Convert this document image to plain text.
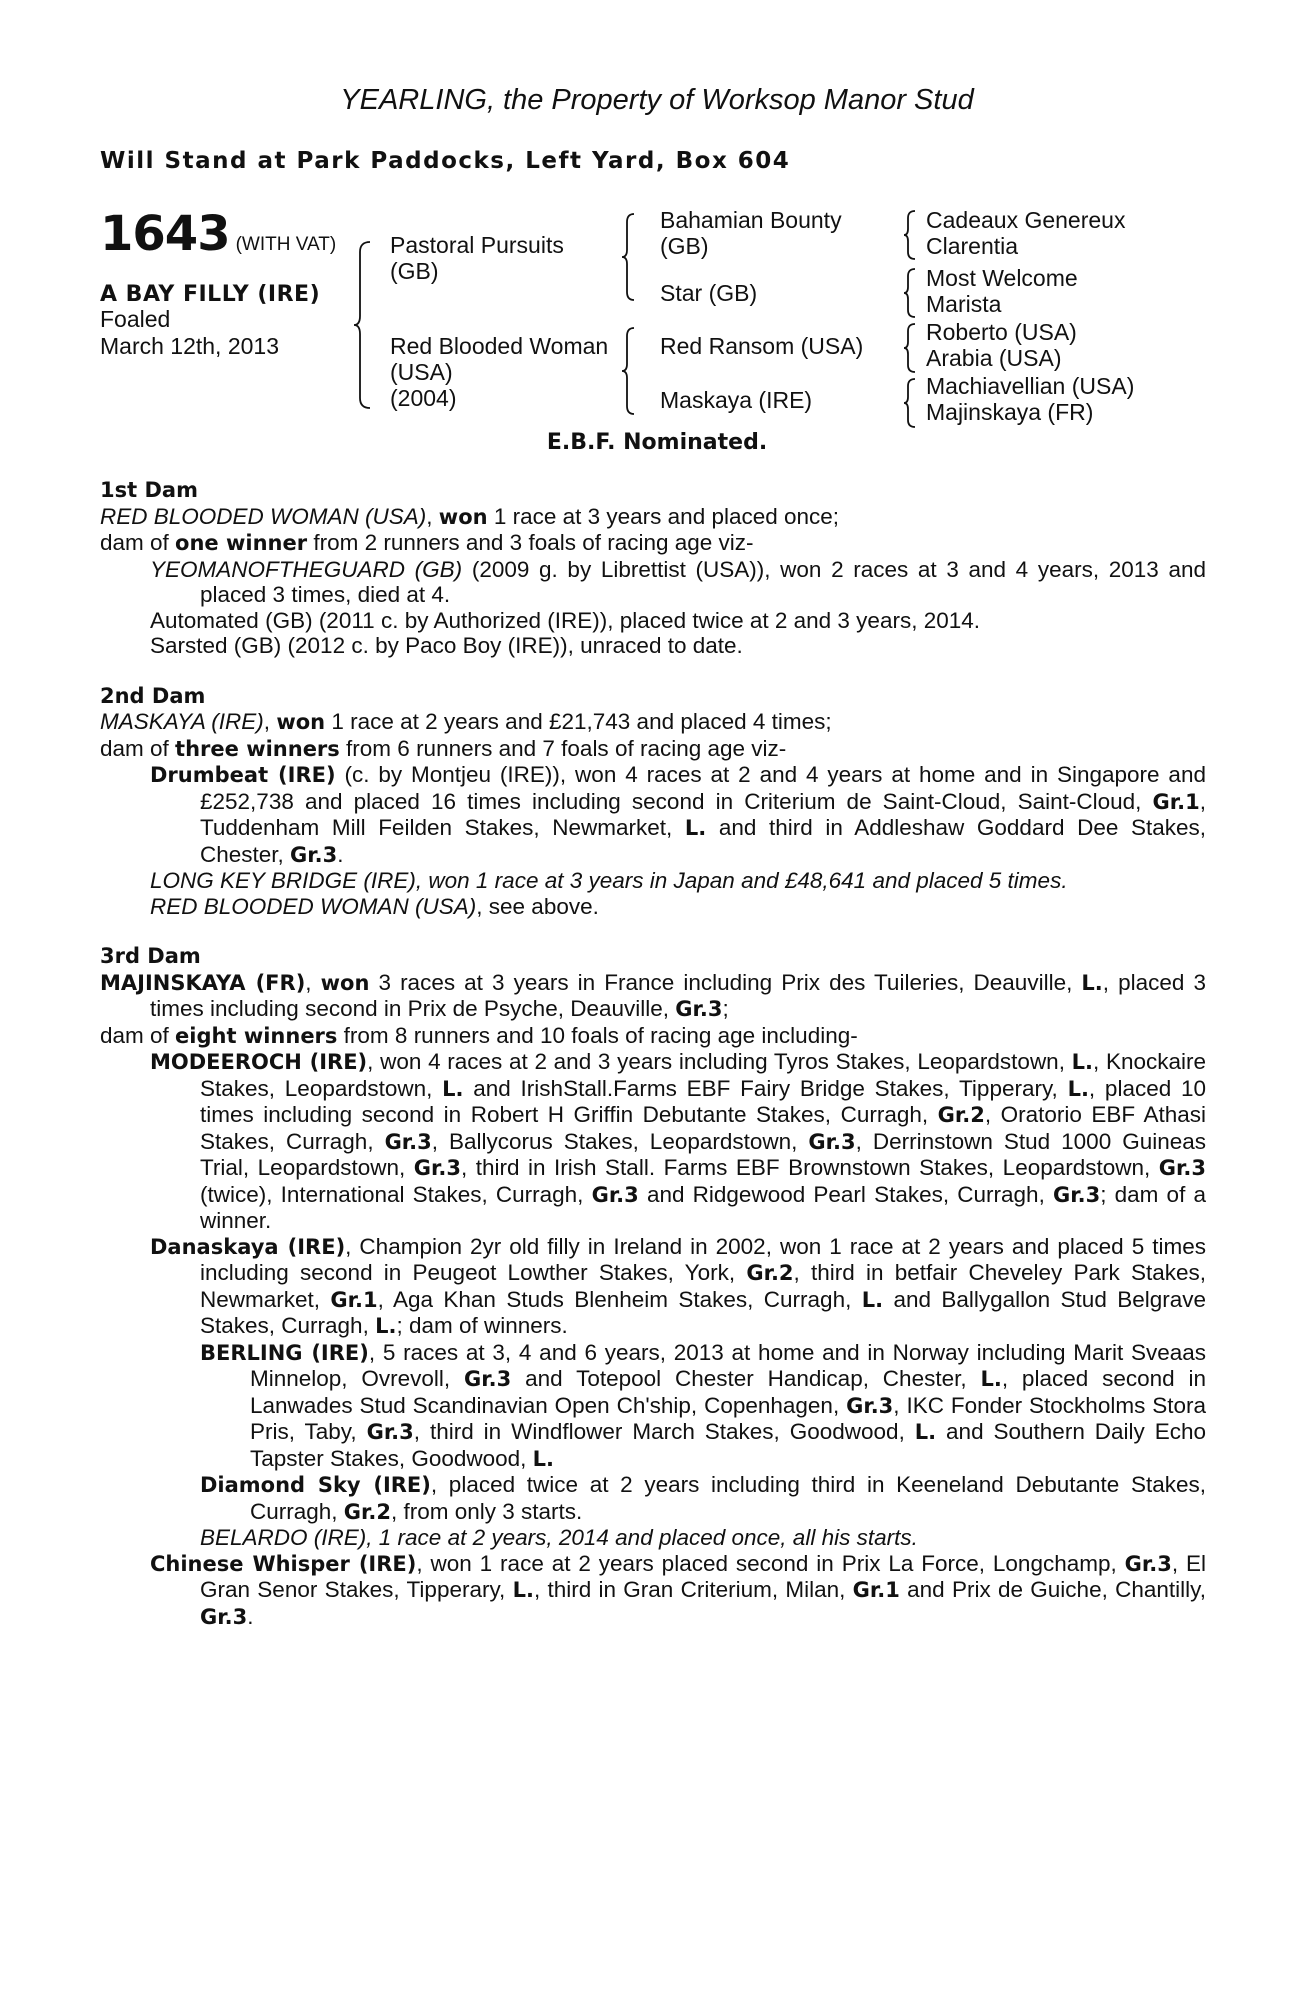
YEARLING, the Property of Worksop Manor Stud
Will Stand at Park Paddocks, Left Yard, Box 604
1643 (WITH VAT)
A BAY FILLY (IRE)
Foaled
March 12th, 2013
Pastoral Pursuits
(GB)
Red Blooded Woman
(USA)
(2004)
Bahamian Bounty
(GB)
Star (GB)
Red Ransom (USA)
Maskaya (IRE)
Cadeaux Genereux
Clarentia
Most Welcome
Marista
Roberto (USA)
Arabia (USA)
Machiavellian (USA)
Majinskaya (FR)
E.B.F. Nominated.
1st Dam

RED BLOODED WOMAN (USA), won 1 race at 3 years and placed once;

dam of one winner from 2 runners and 3 foals of racing age viz-

YEOMANOFTHEGUARD (GB) (2009 g. by Librettist (USA)), won 2 races at 3 and 4 years, 2013 and placed 3 times, died at 4.

Automated (GB) (2011 c. by Authorized (IRE)), placed twice at 2 and 3 years, 2014.

Sarsted (GB) (2012 c. by Paco Boy (IRE)), unraced to date.

2nd Dam

MASKAYA (IRE), won 1 race at 2 years and £21,743 and placed 4 times;

dam of three winners from 6 runners and 7 foals of racing age viz-

Drumbeat (IRE) (c. by Montjeu (IRE)), won 4 races at 2 and 4 years at home and in Singapore and £252,738 and placed 16 times including second in Criterium de Saint-Cloud, Saint-Cloud, Gr.1, Tuddenham Mill Feilden Stakes, Newmarket, L. and third in Addleshaw Goddard Dee Stakes, Chester, Gr.3.

LONG KEY BRIDGE (IRE), won 1 race at 3 years in Japan and £48,641 and placed 5 times.

RED BLOODED WOMAN (USA), see above.

3rd Dam

MAJINSKAYA (FR), won 3 races at 3 years in France including Prix des Tuileries, Deauville, L., placed 3 times including second in Prix de Psyche, Deauville, Gr.3;

dam of eight winners from 8 runners and 10 foals of racing age including-

MODEEROCH (IRE), won 4 races at 2 and 3 years including Tyros Stakes, Leopardstown, L., Knockaire Stakes, Leopardstown, L. and IrishStall.Farms EBF Fairy Bridge Stakes, Tipperary, L., placed 10 times including second in Robert H Griffin Debutante Stakes, Curragh, Gr.2, Oratorio EBF Athasi Stakes, Curragh, Gr.3, Ballycorus Stakes, Leopardstown, Gr.3, Derrinstown Stud 1000 Guineas Trial, Leopardstown, Gr.3, third in Irish Stall. Farms EBF Brownstown Stakes, Leopardstown, Gr.3 (twice), International Stakes, Curragh, Gr.3 and Ridgewood Pearl Stakes, Curragh, Gr.3; dam of a winner.

Danaskaya (IRE), Champion 2yr old filly in Ireland in 2002, won 1 race at 2 years and placed 5 times including second in Peugeot Lowther Stakes, York, Gr.2, third in betfair Cheveley Park Stakes, Newmarket, Gr.1, Aga Khan Studs Blenheim Stakes, Curragh, L. and Ballygallon Stud Belgrave Stakes, Curragh, L.; dam of winners.

BERLING (IRE), 5 races at 3, 4 and 6 years, 2013 at home and in Norway including Marit Sveaas Minnelop, Ovrevoll, Gr.3 and Totepool Chester Handicap, Chester, L., placed second in Lanwades Stud Scandinavian Open Ch'ship, Copenhagen, Gr.3, IKC Fonder Stockholms Stora Pris, Taby, Gr.3, third in Windflower March Stakes, Goodwood, L. and Southern Daily Echo Tapster Stakes, Goodwood, L.

Diamond Sky (IRE), placed twice at 2 years including third in Keeneland Debutante Stakes, Curragh, Gr.2, from only 3 starts.

BELARDO (IRE), 1 race at 2 years, 2014 and placed once, all his starts.

Chinese Whisper (IRE), won 1 race at 2 years placed second in Prix La Force, Longchamp, Gr.3, El Gran Senor Stakes, Tipperary, L., third in Gran Criterium, Milan, Gr.1 and Prix de Guiche, Chantilly, Gr.3.
